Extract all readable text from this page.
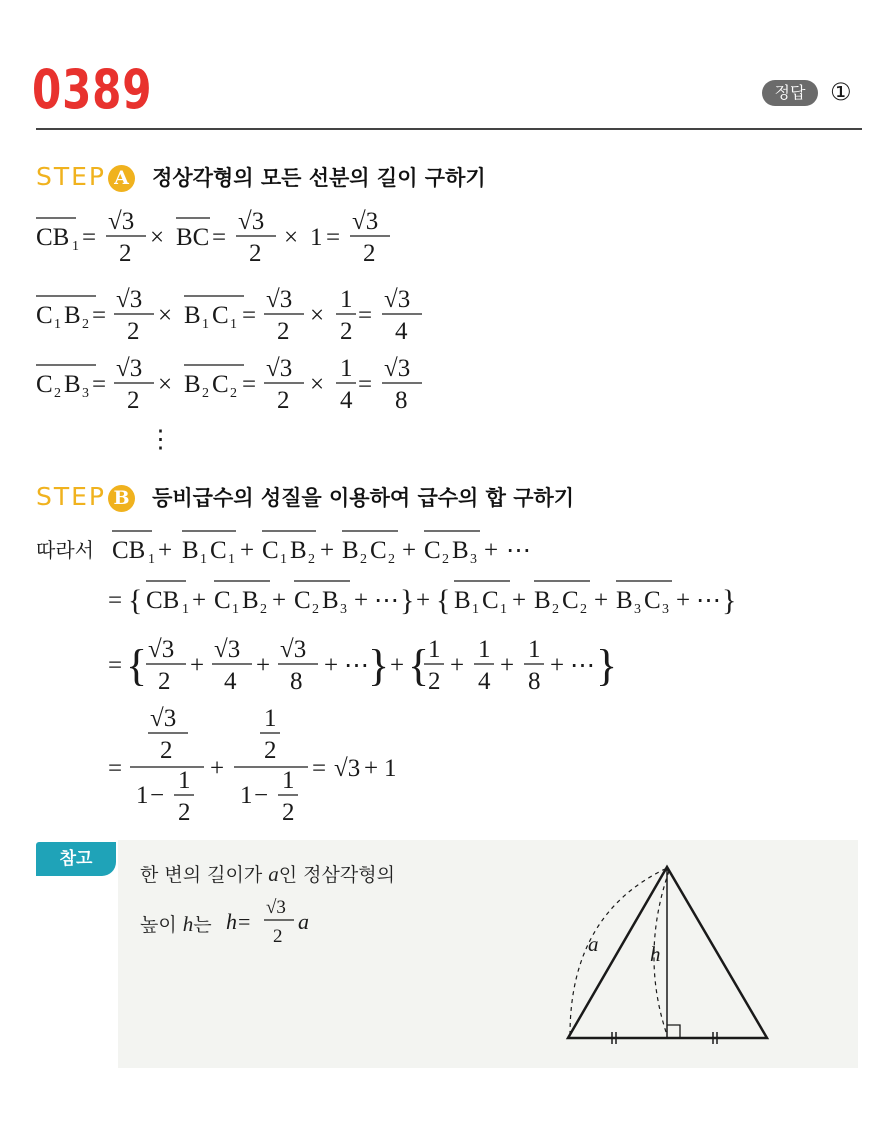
0389	정답	①
STEP A 정상각형의 모든 선분의 길이 구하기
CB 1 =
√3
2
× BC =
√3
2
× 1 =
√3
2
C 1 B 2 =
√3
2
× B 1 C 1 =
√3
2
×
1
2
=
√3
4
C 2 B 3 =
√3
2
× B 2 C 2 =
√3
2
×
1
4
=
√3
8
⋮
STEP B 등비급수의 성질을 이용하여 급수의 합 구하기
따라서 CB 1 + B 1 C 1 + C 1 B 2 + B 2 C 2 + C 2 B 3 + ⋯
= { CB 1 + C 1 B 2 + C 2 B 3 + ⋯ } + { B 1 C 1 + B 2 C 2 + B 3 C 3 + ⋯ }
= { √3
2
+
√3
4
+
√3
8
+ ⋯ } + {
1
2
+
1
4
+
1
8
+ ⋯ }
=
√3
2
1 −
1
2
+
1
2
1 −
1
2
= √3 + 1
참고
한 변의 길이가 a인 정삼각형의
높이 h는 h =
√3
2
a
a h
